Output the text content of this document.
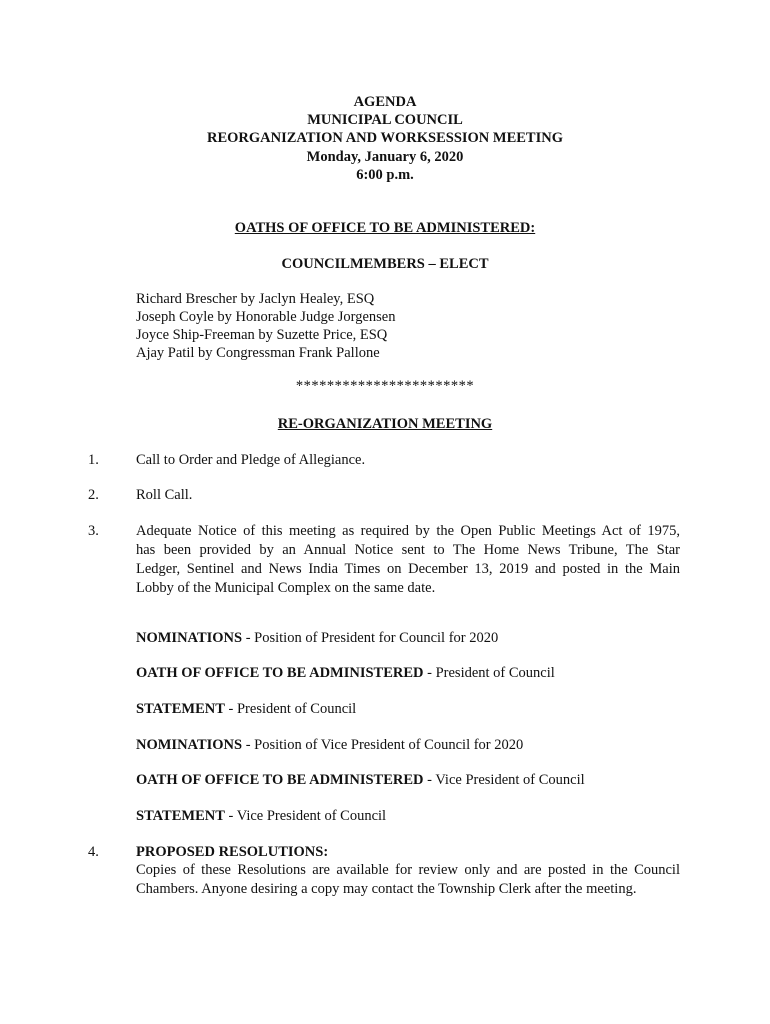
AGENDA
MUNICIPAL COUNCIL
REORGANIZATION AND WORKSESSION MEETING
Monday, January 6, 2020
6:00 p.m.
OATHS OF OFFICE TO BE ADMINISTERED:
COUNCILMEMBERS – ELECT
Richard Brescher by Jaclyn Healey, ESQ
Joseph Coyle by Honorable Judge Jorgensen
Joyce Ship-Freeman by Suzette Price, ESQ
Ajay Patil by Congressman Frank Pallone
***********************
RE-ORGANIZATION MEETING
1.	Call to Order and Pledge of Allegiance.
2.	Roll Call.
3.	Adequate Notice of this meeting as required by the Open Public Meetings Act of 1975,
has been provided by an Annual Notice sent to The Home News Tribune, The Star
Ledger, Sentinel and News India Times on December 13, 2019 and posted in the Main
Lobby of the Municipal Complex on the same date.
NOMINATIONS - Position of President for Council for 2020
OATH OF OFFICE TO BE ADMINISTERED - President of Council
STATEMENT - President of Council
NOMINATIONS - Position of Vice President of Council for 2020
OATH OF OFFICE TO BE ADMINISTERED - Vice President of Council
STATEMENT - Vice President of Council
4.	PROPOSED RESOLUTIONS:
Copies of these Resolutions are available for review only and are posted in the Council
Chambers. Anyone desiring a copy may contact the Township Clerk after the meeting.
